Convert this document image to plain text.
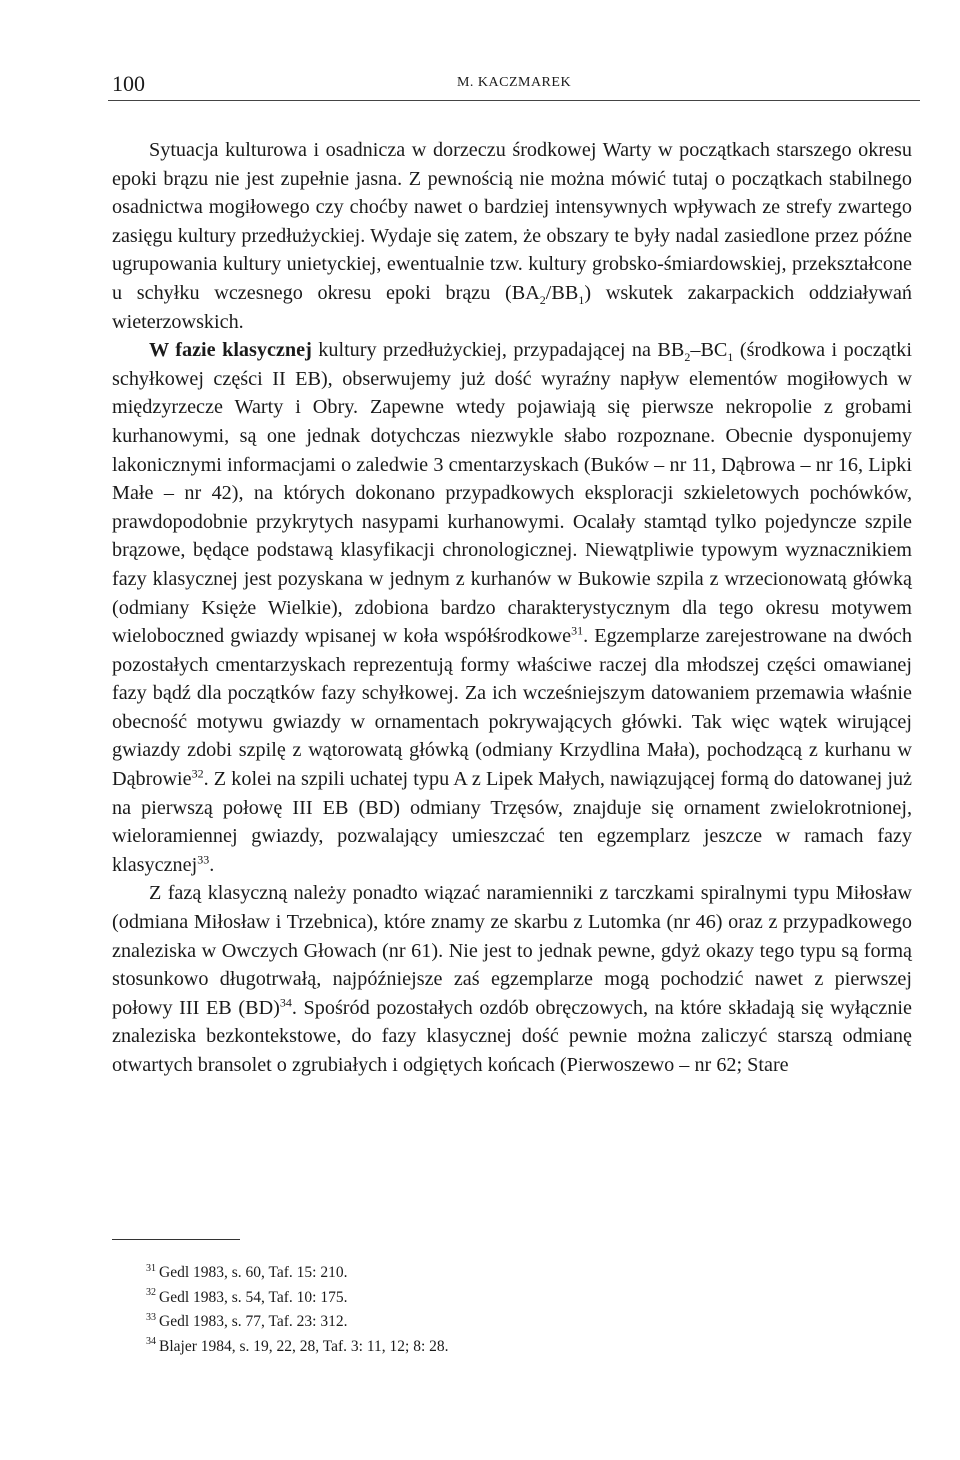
100	M. KACZMAREK

Sytuacja kulturowa i osadnicza w dorzeczu środkowej Warty w początkach starszego okresu epoki brązu nie jest zupełnie jasna. Z pewnością nie można mówić tutaj o początkach stabilnego osadnictwa mogiłowego czy choćby nawet o bardziej intensywnych wpływach ze strefy zwartego zasięgu kultury przedłużyckiej. Wydaje się zatem, że obszary te były nadal zasiedlone przez późne ugrupowania kultury unietyckiej, ewentualnie tzw. kultury grobsko-śmiardowskiej, przekształcone u schyłku wczesnego okresu epoki brązu $(BA_2/BB_1)$ wskutek zakarpackich oddziaływań wieterzowskich.

W fazie klasycznej kultury przedłużyckiej, przypadającej na $BB_2-BC_1$ (środkowa i początki schyłkowej części II EB), obserwujemy już dość wyraźny napływ elementów mogiłowych w międzyrzecze Warty i Obry. Zapewne wtedy pojawiają się pierwsze nekropolie z grobami kurhanowymi, są one jednak dotychczas niezwykle słabo rozpoznane. Obecnie dysponujemy lakonicznymi informacjami o zaledwie 3 cmentarzyskach (Buków – nr 11, Dąbrowa – nr 16, Lipki Małe – nr 42), na których dokonano przypadkowych eksploracji szkieletowych pochówków, prawdopodobnie przykrytych nasypami kurhanowymi. Ocalały stamtąd tylko pojedyncze szpile brązowe, będące podstawą klasyfikacji chronologicznej. Niewątpliwie typowym wyznacznikiem fazy klasycznej jest pozyskana w jednym z kurhanów w Bukowie szpila z wrzecionowatą główką (odmiany Księże Wielkie), zdobiona bardzo charakterystycznym dla tego okresu motywem wieloboczned gwiazdy wpisanej w koła współśrodkowe$^{31}$. Egzemplarze zarejestrowane na dwóch pozostałych cmentarzyskach reprezentują formy właściwe raczej dla młodszej części omawianej fazy bądź dla początków fazy schyłkowej. Za ich wcześniejszym datowaniem przemawia właśnie obecność motywu gwiazdy w ornamentach pokrywających główki. Tak więc wątek wirującej gwiazdy zdobi szpilę z wątorowatą główką (odmiany Krzydlina Mała), pochodzącą z kurhanu w Dąbrowie$^{32}$. Z kolei na szpili uchatej typu A z Lipek Małych, nawiązującej formą do datowanej już na pierwszą połowę III EB (BD) odmiany Trzęsów, znajduje się ornament zwielokrotnionej, wieloramiennej gwiazdy, pozwalający umieszczać ten egzemplarz jeszcze w ramach fazy klasycznej$^{33}$.

Z fazą klasyczną należy ponadto wiązać naramienniki z tarczkami spiralnymi typu Miłosław (odmiana Miłosław i Trzebnica), które znamy ze skarbu z Lutomka (nr 46) oraz z przypadkowego znaleziska w Owczych Głowach (nr 61). Nie jest to jednak pewne, gdyż okazy tego typu są formą stosunkowo długotrwałą, najpóźniejsze zaś egzemplarze mogą pochodzić nawet z pierwszej połowy III EB (BD)$^{34}$. Spośród pozostałych ozdób obręczowych, na które składają się wyłącznie znaleziska bezkontekstowe, do fazy klasycznej dość pewnie można zaliczyć starszą odmianę otwartych bransolet o zgrubiałych i odgiętych końcach (Pierwoszewo – nr 62; Stare

$^{31}$ Gedl 1983, s. 60, Taf. 15: 210.

$^{32}$ Gedl 1983, s. 54, Taf. 10: 175.

$^{33}$ Gedl 1983, s. 77, Taf. 23: 312.

$^{34}$ Blajer 1984, s. 19, 22, 28, Taf. 3: 11, 12; 8: 28.
